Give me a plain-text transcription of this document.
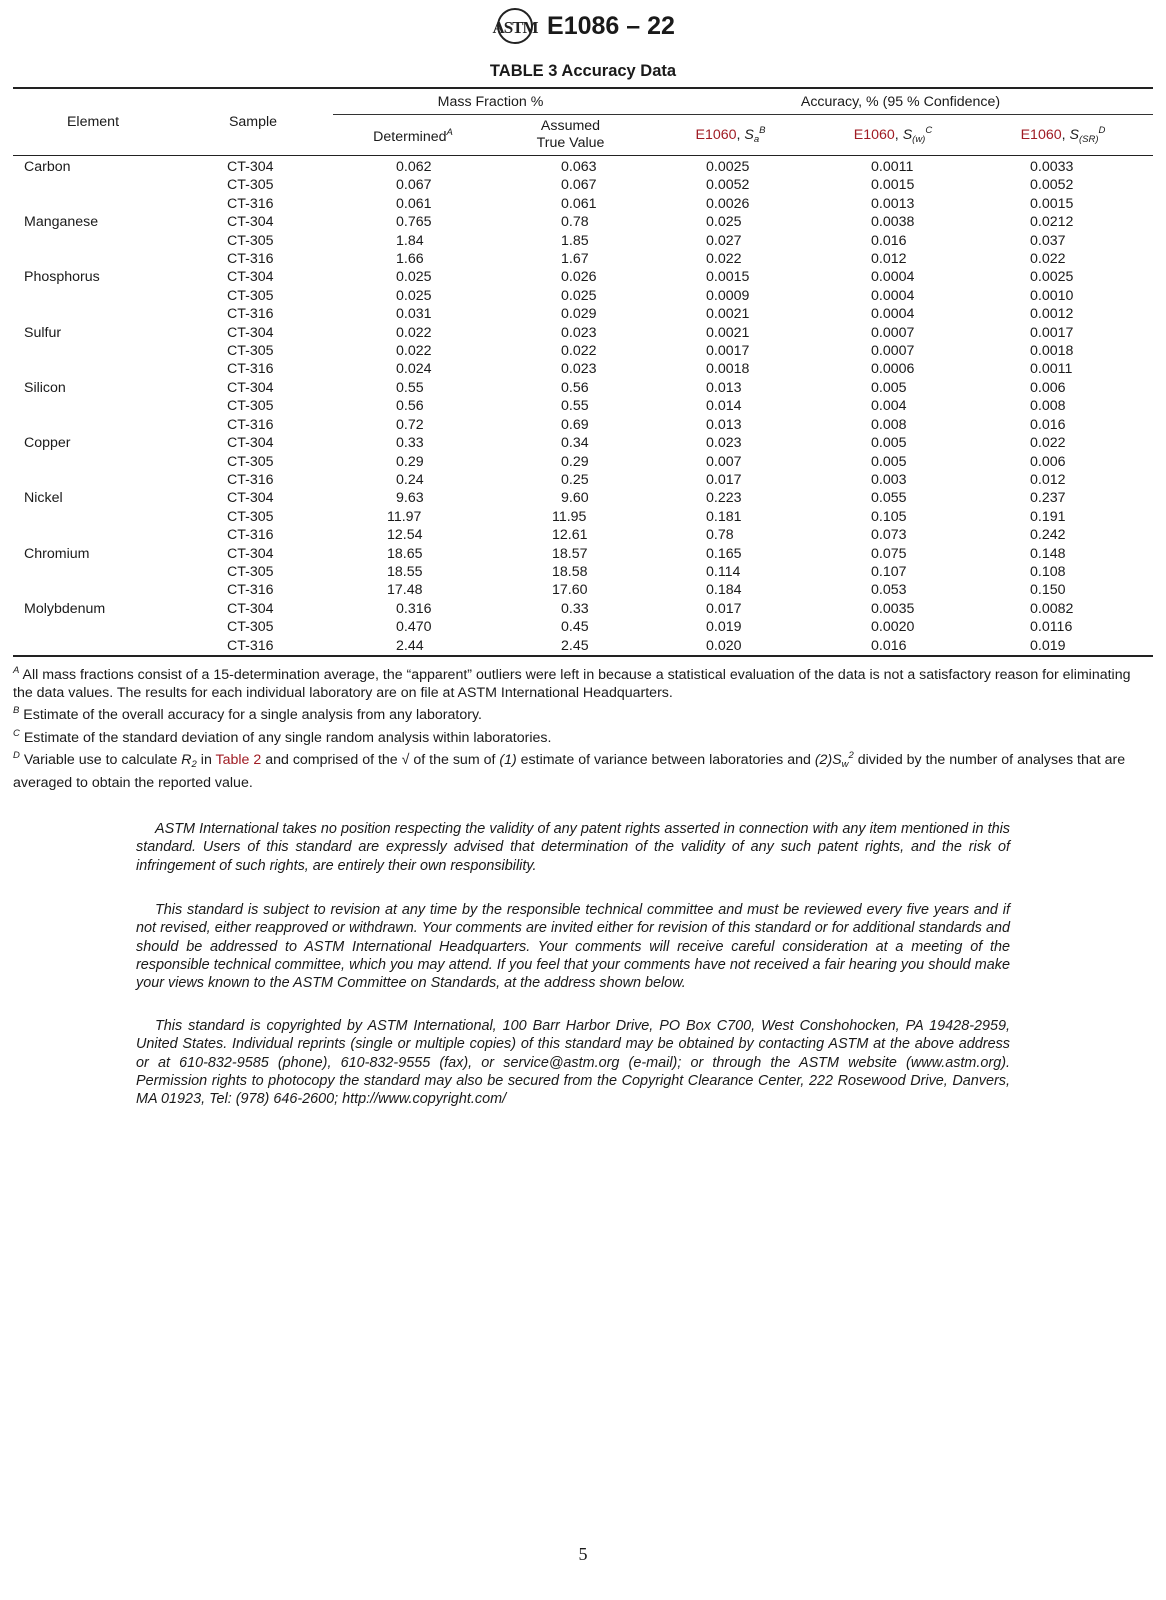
ASTM E1086 – 22
TABLE 3 Accuracy Data

Element	Sample	Mass Fraction %		Accuracy, % (95 % Confidence)		
		Determined$^A$	Assumed
True Value	E1060, $S_a^B$	E1060, $S_{(w)}^C$	E1060, $S_{(SR)}^D$
Carbon	CT-304	0.062	0.063	0.0025	0.0011	0.0033
	CT-305	0.067	0.067	0.0052	0.0015	0.0052
	CT-316	0.061	0.061	0.0026	0.0013	0.0015
Manganese	CT-304	0.765	0.78	0.025	0.0038	0.0212
	CT-305	1.84	1.85	0.027	0.016	0.037
	CT-316	1.66	1.67	0.022	0.012	0.022
Phosphorus	CT-304	0.025	0.026	0.0015	0.0004	0.0025
	CT-305	0.025	0.025	0.0009	0.0004	0.0010
	CT-316	0.031	0.029	0.0021	0.0004	0.0012
Sulfur	CT-304	0.022	0.023	0.0021	0.0007	0.0017
	CT-305	0.022	0.022	0.0017	0.0007	0.0018
	CT-316	0.024	0.023	0.0018	0.0006	0.0011
Silicon	CT-304	0.55	0.56	0.013	0.005	0.006
	CT-305	0.56	0.55	0.014	0.004	0.008
	CT-316	0.72	0.69	0.013	0.008	0.016
Copper	CT-304	0.33	0.34	0.023	0.005	0.022
	CT-305	0.29	0.29	0.007	0.005	0.006
	CT-316	0.24	0.25	0.017	0.003	0.012
Nickel	CT-304	9.63	9.60	0.223	0.055	0.237
	CT-305	11.97	11.95	0.181	0.105	0.191
	CT-316	12.54	12.61	0.78	0.073	0.242
Chromium	CT-304	18.65	18.57	0.165	0.075	0.148
	CT-305	18.55	18.58	0.114	0.107	0.108
	CT-316	17.48	17.60	0.184	0.053	0.150
Molybdenum	CT-304	0.316	0.33	0.017	0.0035	0.0082
	CT-305	0.470	0.45	0.019	0.0020	0.0116
	CT-316	2.44	2.45	0.020	0.016	0.019

$^A$ All mass fractions consist of a 15-determination average, the “apparent” outliers were left in because a statistical evaluation of the data is not a satisfactory reason for eliminating the data values. The results for each individual laboratory are on file at ASTM International Headquarters.

$^B$ Estimate of the overall accuracy for a single analysis from any laboratory.

$^C$ Estimate of the standard deviation of any single random analysis within laboratories.

$^D$ Variable use to calculate $R_2$ in Table 2 and comprised of the √ of the sum of (1) estimate of variance between laboratories and $(2)S_w^2$ divided by the number of analyses that are averaged to obtain the reported value.

ASTM International takes no position respecting the validity of any patent rights asserted in connection with any item mentioned in this standard. Users of this standard are expressly advised that determination of the validity of any such patent rights, and the risk of infringement of such rights, are entirely their own responsibility.

This standard is subject to revision at any time by the responsible technical committee and must be reviewed every five years and if not revised, either reapproved or withdrawn. Your comments are invited either for revision of this standard or for additional standards and should be addressed to ASTM International Headquarters. Your comments will receive careful consideration at a meeting of the responsible technical committee, which you may attend. If you feel that your comments have not received a fair hearing you should make your views known to the ASTM Committee on Standards, at the address shown below.

This standard is copyrighted by ASTM International, 100 Barr Harbor Drive, PO Box C700, West Conshohocken, PA 19428-2959, United States. Individual reprints (single or multiple copies) of this standard may be obtained by contacting ASTM at the above address or at 610-832-9585 (phone), 610-832-9555 (fax), or service@astm.org (e-mail); or through the ASTM website (www.astm.org). Permission rights to photocopy the standard may also be secured from the Copyright Clearance Center, 222 Rosewood Drive, Danvers, MA 01923, Tel: (978) 646-2600; http://www.copyright.com/

5
